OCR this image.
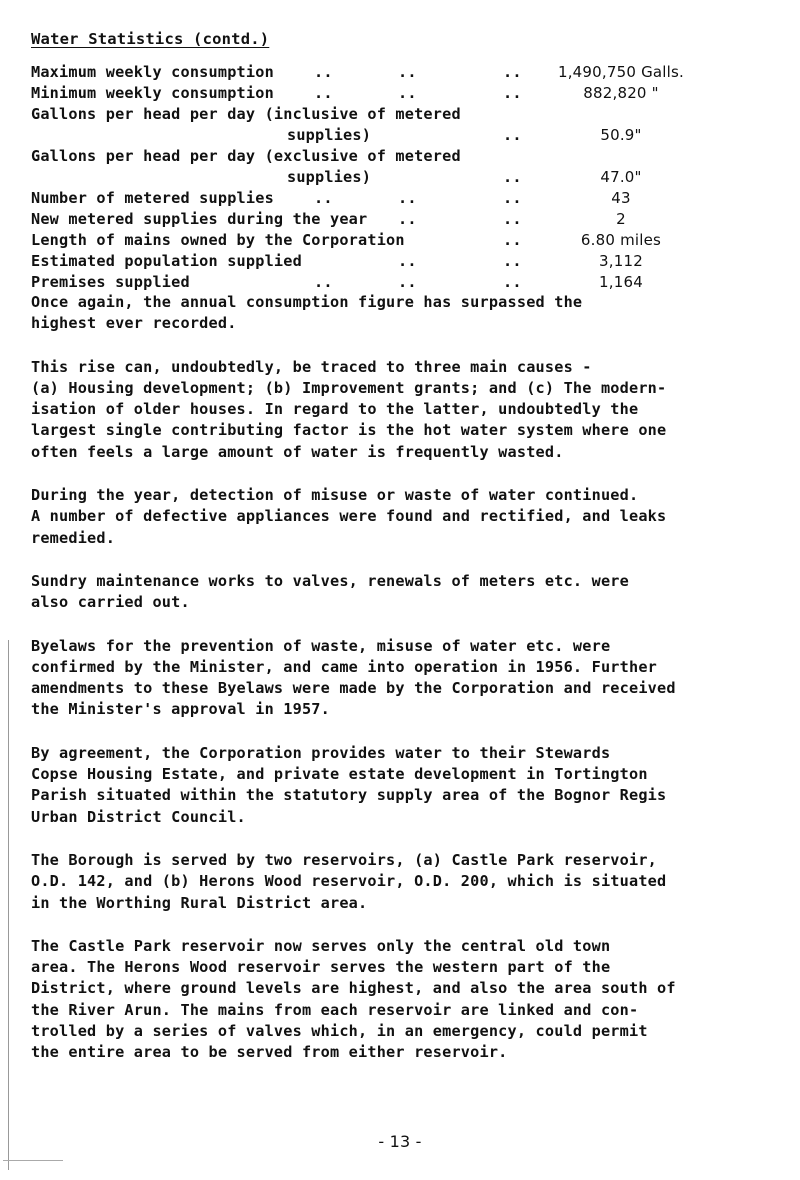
Water Statistics (contd.)
Maximum weekly consumption	..	..	..	1,490,750 Galls.
Minimum weekly consumption	..	..	..	882,820 "
Gallons per head per day (inclusive of metered
supplies)	..	50.9"
Gallons per head per day (exclusive of metered
supplies)	..	47.0"
Number of metered supplies	..	..	..	43
New metered supplies during the year ..	..	2
Length of mains owned by the Corporation	..	6.80 miles
Estimated population supplied	..	..	3,112
Premises supplied	..	..	..	1,164

Once again, the annual consumption figure has surpassed the
highest ever recorded.

This rise can, undoubtedly, be traced to three main causes -
(a) Housing development; (b) Improvement grants; and (c) The modern-
isation of older houses. In regard to the latter, undoubtedly the
largest single contributing factor is the hot water system where one
often feels a large amount of water is frequently wasted.

During the year, detection of misuse or waste of water continued.
A number of defective appliances were found and rectified, and leaks
remedied.

Sundry maintenance works to valves, renewals of meters etc. were
also carried out.

Byelaws for the prevention of waste, misuse of water etc. were
confirmed by the Minister, and came into operation in 1956. Further
amendments to these Byelaws were made by the Corporation and received
the Minister's approval in 1957.

By agreement, the Corporation provides water to their Stewards
Copse Housing Estate, and private estate development in Tortington
Parish situated within the statutory supply area of the Bognor Regis
Urban District Council.

The Borough is served by two reservoirs, (a) Castle Park reservoir,
O.D. 142, and (b) Herons Wood reservoir, O.D. 200, which is situated
in the Worthing Rural District area.

The Castle Park reservoir now serves only the central old town
area. The Herons Wood reservoir serves the western part of the
District, where ground levels are highest, and also the area south of
the River Arun. The mains from each reservoir are linked and con-
trolled by a series of valves which, in an emergency, could permit
the entire area to be served from either reservoir.

- 13 -
